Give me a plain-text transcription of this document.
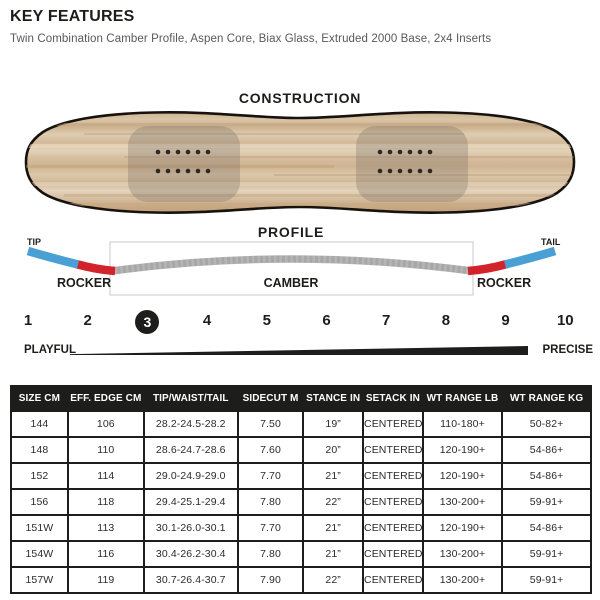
KEY FEATURES
Twin Combination Camber Profile, Aspen Core, Biax Glass, Extruded 2000 Base, 2x4 Inserts
CONSTRUCTION
PROFILE
TIP	TAIL
ROCKER	CAMBER	ROCKER
1	2	3	4	5	6	7	8	9	10
PLAYFUL	PRECISE
SIZE CM	EFF. EDGE CM	TIP/WAIST/TAIL	SIDECUT M	STANCE IN	SETACK IN	WT RANGE LB	WT RANGE KG
144	106	28.2-24.5-28.2	7.50	19”	CENTERED	110-180+	50-82+
148	110	28.6-24.7-28.6	7.60	20”	CENTERED	120-190+	54-86+
152	114	29.0-24.9-29.0	7.70	21”	CENTERED	120-190+	54-86+
156	118	29.4-25.1-29.4	7.80	22”	CENTERED	130-200+	59-91+
151W	113	30.1-26.0-30.1	7.70	21”	CENTERED	120-190+	54-86+
154W	116	30.4-26.2-30.4	7.80	21”	CENTERED	130-200+	59-91+
157W	119	30.7-26.4-30.7	7.90	22”	CENTERED	130-200+	59-91+
